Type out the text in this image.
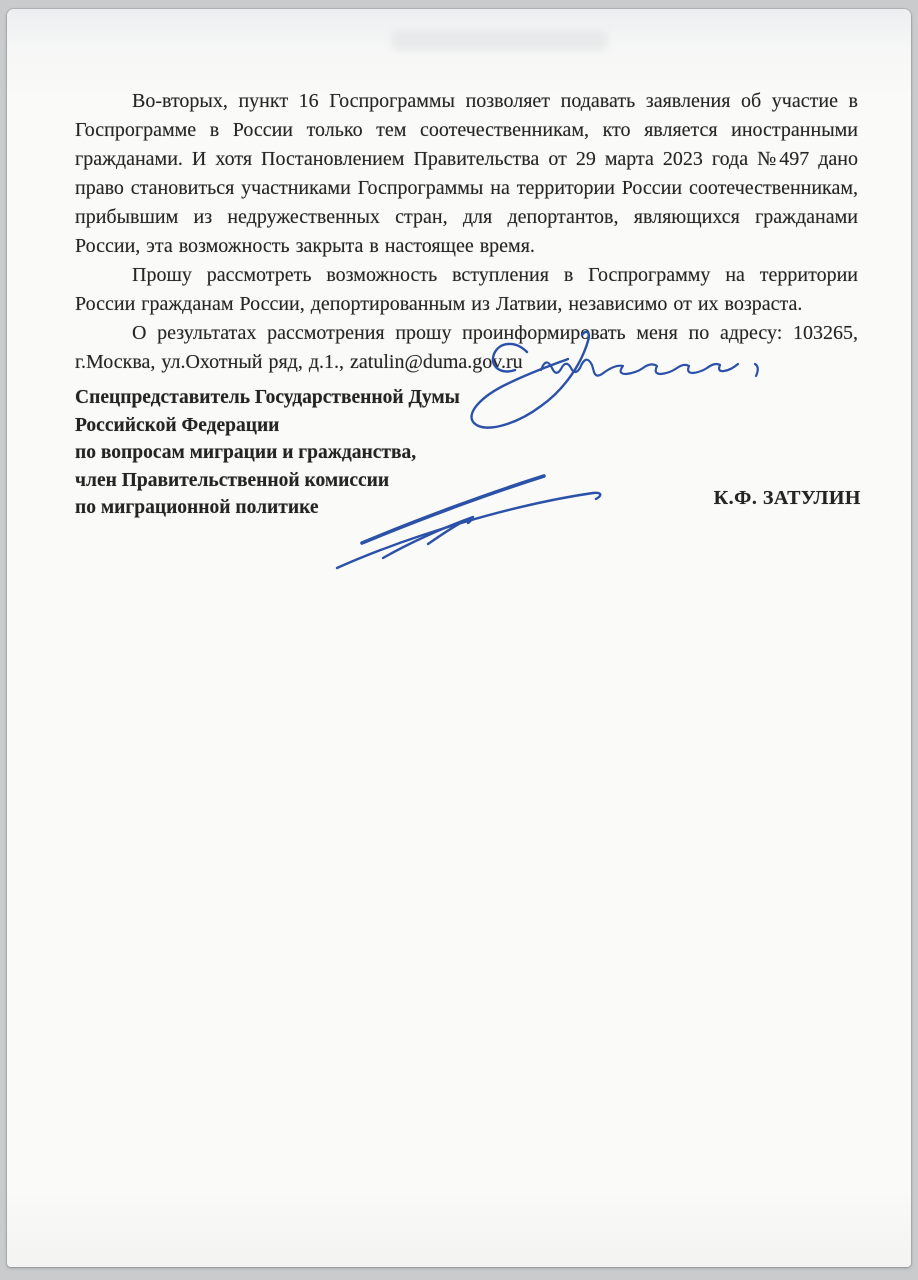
Во-вторых, пункт 16 Госпрограммы позволяет подавать заявления об участие в Госпрограмме в России только тем соотечественникам, кто является иностранными гражданами. И хотя Постановлением Правительства от 29 марта 2023 года №497 дано право становиться участниками Госпрограммы на территории России соотечественникам, прибывшим из недружественных стран, для депортантов, являющихся гражданами России, эта возможность закрыта в настоящее время.

Прошу рассмотреть возможность вступления в Госпрограмму на территории России гражданам России, депортированным из Латвии, независимо от их возраста.

О результатах рассмотрения прошу проинформировать меня по адресу: 103265, г.Москва, ул.Охотный ряд, д.1., zatulin@duma.gov.ru

Спецпредставитель Государственной Думы
Российской Федерации
по вопросам миграции и гражданства,
член Правительственной комиссии
по миграционной политике	К.Ф. ЗАТУЛИН
